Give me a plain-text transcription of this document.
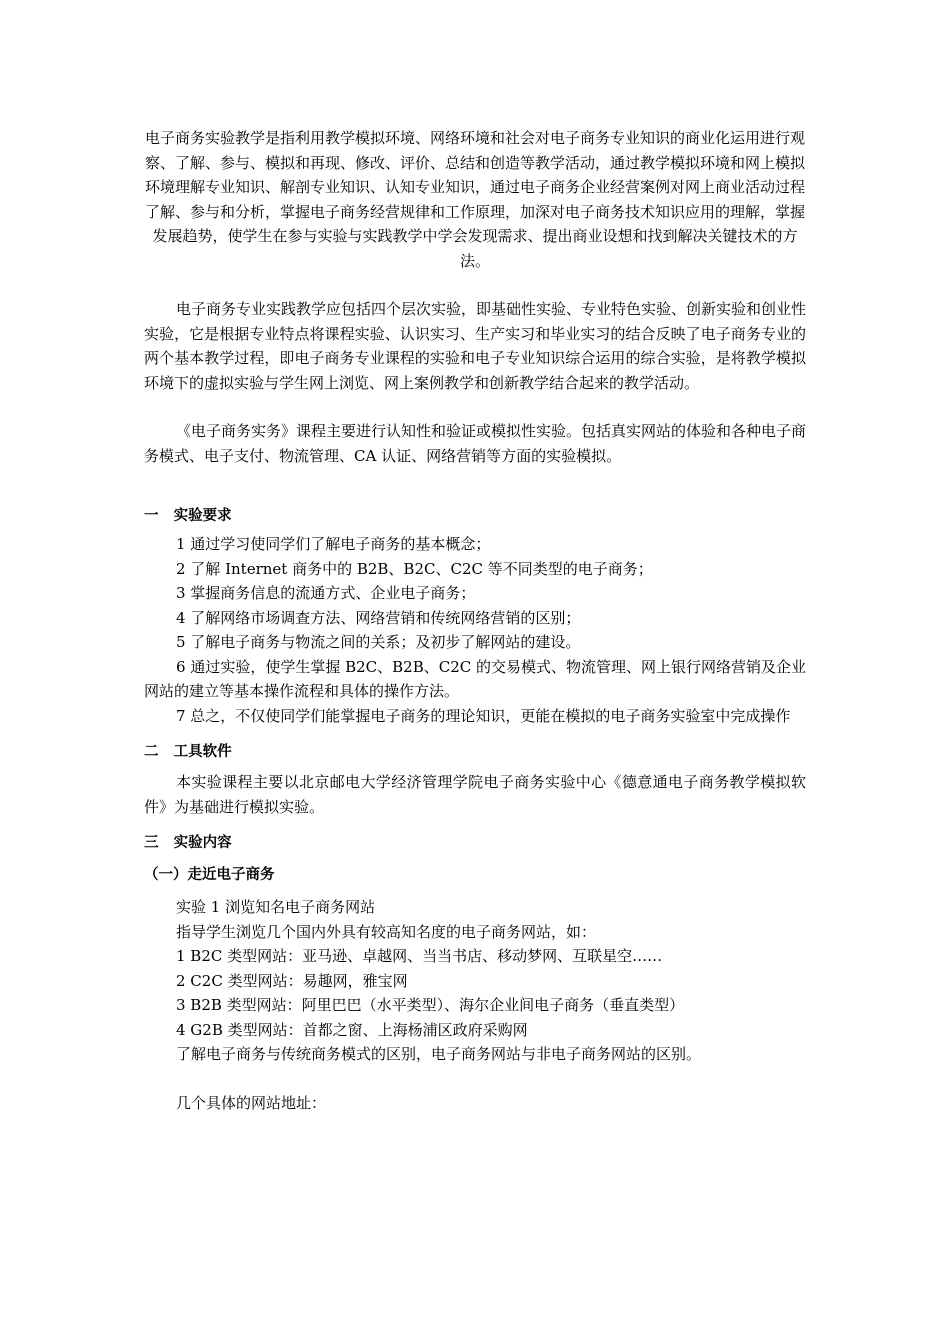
电子商务实验教学是指利用教学模拟环境、网络环境和社会对电子商务专业知识的商业化运用进行观察、了解、参与、模拟和再现、修改、评价、总结和创造等教学活动，通过教学模拟环境和网上模拟环境理解专业知识、解剖专业知识、认知专业知识，通过电子商务企业经营案例对网上商业活动过程了解、参与和分析，掌握电子商务经营规律和工作原理，加深对电子商务技术知识应用的理解，掌握发展趋势，使学生在参与实验与实践教学中学会发现需求、提出商业设想和找到解决关键技术的方法。

电子商务专业实践教学应包括四个层次实验，即基础性实验、专业特色实验、创新实验和创业性实验，它是根据专业特点将课程实验、认识实习、生产实习和毕业实习的结合反映了电子商务专业的两个基本教学过程，即电子商务专业课程的实验和电子专业知识综合运用的综合实验，是将教学模拟环境下的虚拟实验与学生网上浏览、网上案例教学和创新教学结合起来的教学活动。

《电子商务实务》课程主要进行认知性和验证或模拟性实验。包括真实网站的体验和各种电子商务模式、电子支付、物流管理、CA 认证、网络营销等方面的实验模拟。

一   实验要求

1 通过学习使同学们了解电子商务的基本概念；

2 了解 Internet 商务中的 B2B、B2C、C2C 等不同类型的电子商务；

3 掌握商务信息的流通方式、企业电子商务；

4 了解网络市场调查方法、网络营销和传统网络营销的区别；

5 了解电子商务与物流之间的关系；及初步了解网站的建设。

6 通过实验，使学生掌握 B2C、B2B、C2C 的交易模式、物流管理、网上银行网络营销及企业网站的建立等基本操作流程和具体的操作方法。

7 总之，不仅使同学们能掌握电子商务的理论知识，更能在模拟的电子商务实验室中完成操作

二   工具软件

本实验课程主要以北京邮电大学经济管理学院电子商务实验中心《德意通电子商务教学模拟软件》为基础进行模拟实验。

三   实验内容

（一）走近电子商务

实验 1 浏览知名电子商务网站

指导学生浏览几个国内外具有较高知名度的电子商务网站，如：

1 B2C 类型网站：亚马逊、卓越网、当当书店、移动梦网、互联星空……

2 C2C 类型网站：易趣网，雅宝网

3 B2B 类型网站：阿里巴巴（水平类型）、海尔企业间电子商务（垂直类型）

4 G2B 类型网站：首都之窗、上海杨浦区政府采购网

了解电子商务与传统商务模式的区别，电子商务网站与非电子商务网站的区别。

几个具体的网站地址：
